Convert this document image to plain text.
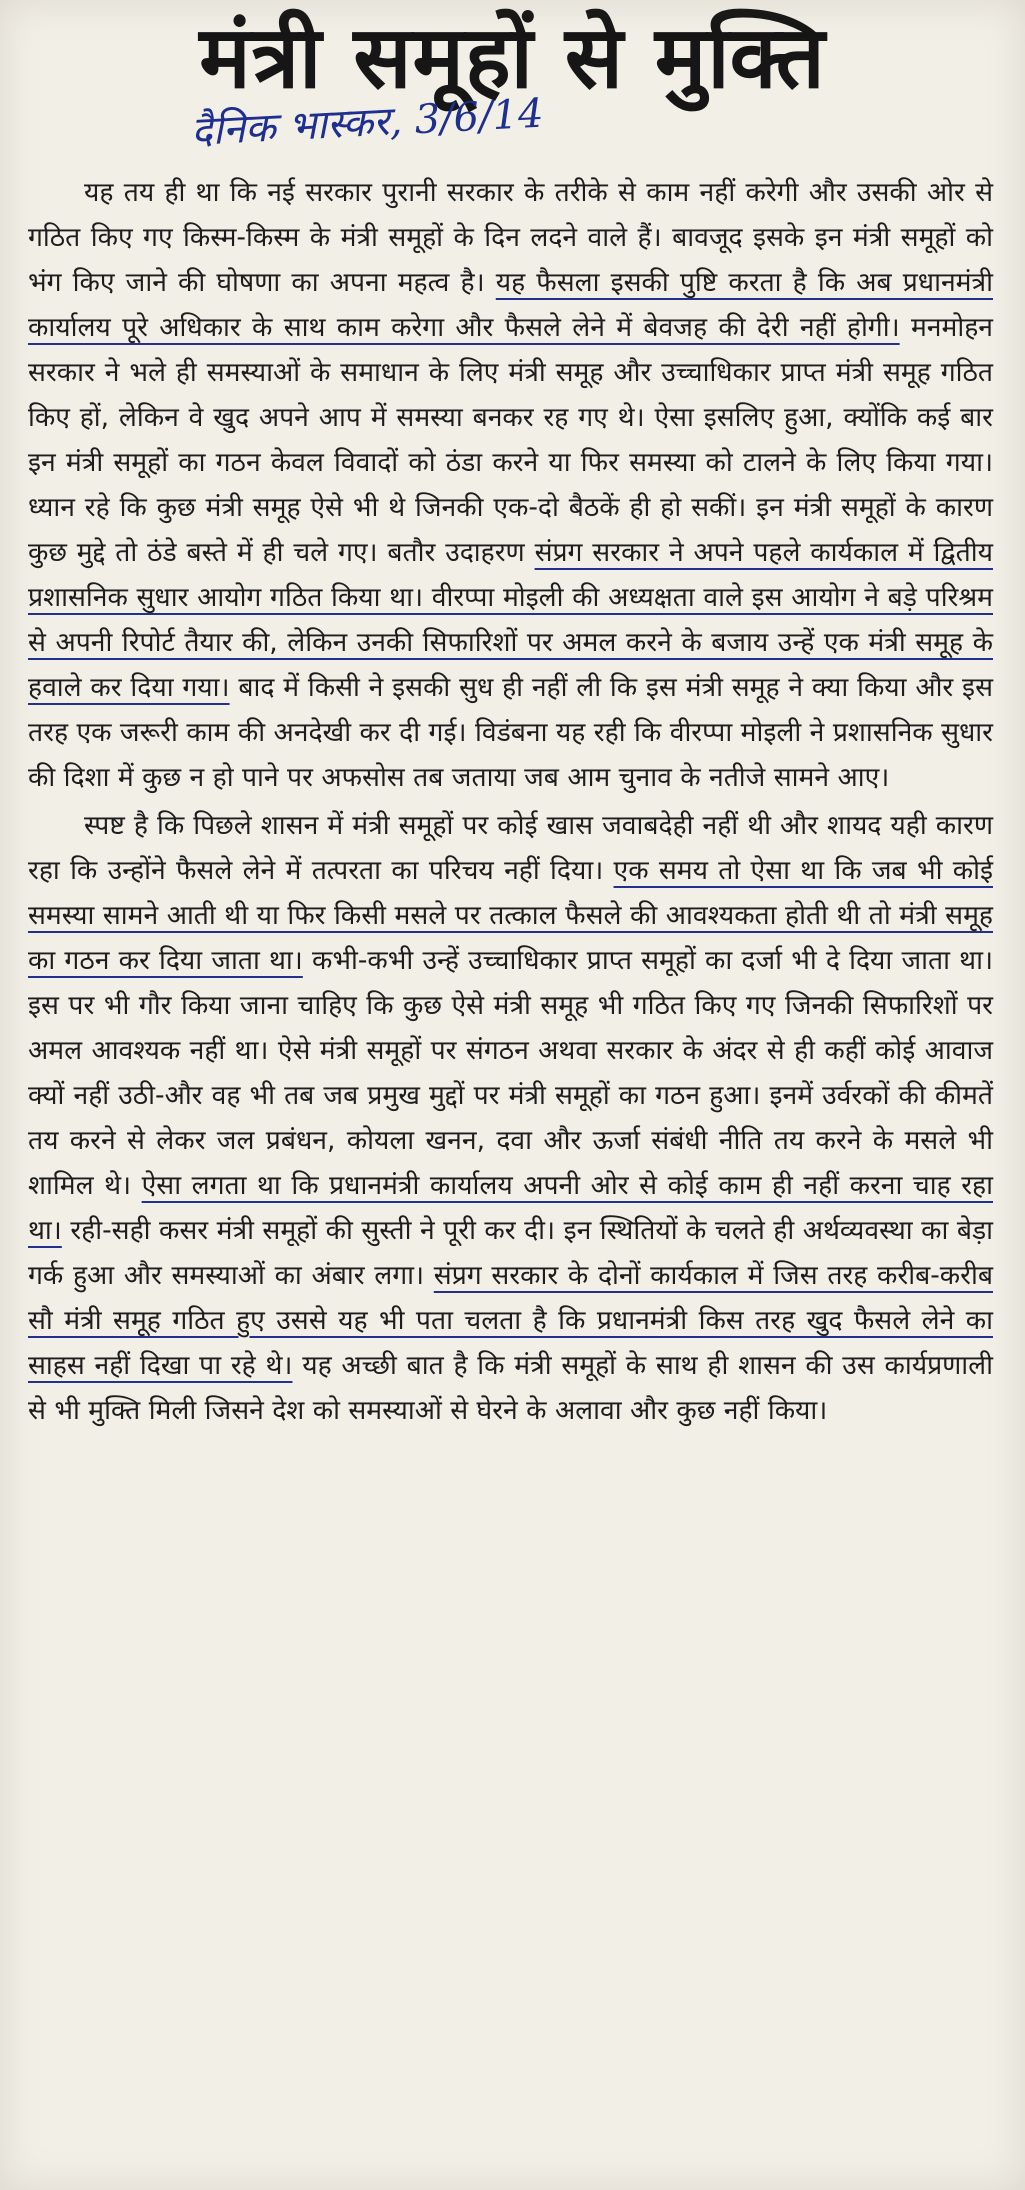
मंत्री समूहों से मुक्ति
दैनिक भास्कर, 3/6/14

यह तय ही था कि नई सरकार पुरानी सरकार के तरीके से काम नहीं करेगी और उसकी ओर से गठित किए गए किस्म-किस्म के मंत्री समूहों के दिन लदने वाले हैं। बावजूद इसके इन मंत्री समूहों को भंग किए जाने की घोषणा का अपना महत्व है। यह फैसला इसकी पुष्टि करता है कि अब प्रधानमंत्री कार्यालय पूरे अधिकार के साथ काम करेगा और फैसले लेने में बेवजह की देरी नहीं होगी। मनमोहन सरकार ने भले ही समस्याओं के समाधान के लिए मंत्री समूह और उच्चाधिकार प्राप्त मंत्री समूह गठित किए हों, लेकिन वे खुद अपने आप में समस्या बनकर रह गए थे। ऐसा इसलिए हुआ, क्योंकि कई बार इन मंत्री समूहों का गठन केवल विवादों को ठंडा करने या फिर समस्या को टालने के लिए किया गया। ध्यान रहे कि कुछ मंत्री समूह ऐसे भी थे जिनकी एक-दो बैठकें ही हो सकीं। इन मंत्री समूहों के कारण कुछ मुद्दे तो ठंडे बस्ते में ही चले गए। बतौर उदाहरण संप्रग सरकार ने अपने पहले कार्यकाल में द्वितीय प्रशासनिक सुधार आयोग गठित किया था। वीरप्पा मोइली की अध्यक्षता वाले इस आयोग ने बड़े परिश्रम से अपनी रिपोर्ट तैयार की, लेकिन उनकी सिफारिशों पर अमल करने के बजाय उन्हें एक मंत्री समूह के हवाले कर दिया गया। बाद में किसी ने इसकी सुध ही नहीं ली कि इस मंत्री समूह ने क्या किया और इस तरह एक जरूरी काम की अनदेखी कर दी गई। विडंबना यह रही कि वीरप्पा मोइली ने प्रशासनिक सुधार की दिशा में कुछ न हो पाने पर अफसोस तब जताया जब आम चुनाव के नतीजे सामने आए।

स्पष्ट है कि पिछले शासन में मंत्री समूहों पर कोई खास जवाबदेही नहीं थी और शायद यही कारण रहा कि उन्होंने फैसले लेने में तत्परता का परिचय नहीं दिया। एक समय तो ऐसा था कि जब भी कोई समस्या सामने आती थी या फिर किसी मसले पर तत्काल फैसले की आवश्यकता होती थी तो मंत्री समूह का गठन कर दिया जाता था। कभी-कभी उन्हें उच्चाधिकार प्राप्त समूहों का दर्जा भी दे दिया जाता था। इस पर भी गौर किया जाना चाहिए कि कुछ ऐसे मंत्री समूह भी गठित किए गए जिनकी सिफारिशों पर अमल आवश्यक नहीं था। ऐसे मंत्री समूहों पर संगठन अथवा सरकार के अंदर से ही कहीं कोई आवाज क्यों नहीं उठी-और वह भी तब जब प्रमुख मुद्दों पर मंत्री समूहों का गठन हुआ। इनमें उर्वरकों की कीमतें तय करने से लेकर जल प्रबंधन, कोयला खनन, दवा और ऊर्जा संबंधी नीति तय करने के मसले भी शामिल थे। ऐसा लगता था कि प्रधानमंत्री कार्यालय अपनी ओर से कोई काम ही नहीं करना चाह रहा था। रही-सही कसर मंत्री समूहों की सुस्ती ने पूरी कर दी। इन स्थितियों के चलते ही अर्थव्यवस्था का बेड़ा गर्क हुआ और समस्याओं का अंबार लगा। संप्रग सरकार के दोनों कार्यकाल में जिस तरह करीब-करीब सौ मंत्री समूह गठित हुए उससे यह भी पता चलता है कि प्रधानमंत्री किस तरह खुद फैसले लेने का साहस नहीं दिखा पा रहे थे। यह अच्छी बात है कि मंत्री समूहों के साथ ही शासन की उस कार्यप्रणाली से भी मुक्ति मिली जिसने देश को समस्याओं से घेरने के अलावा और कुछ नहीं किया।
